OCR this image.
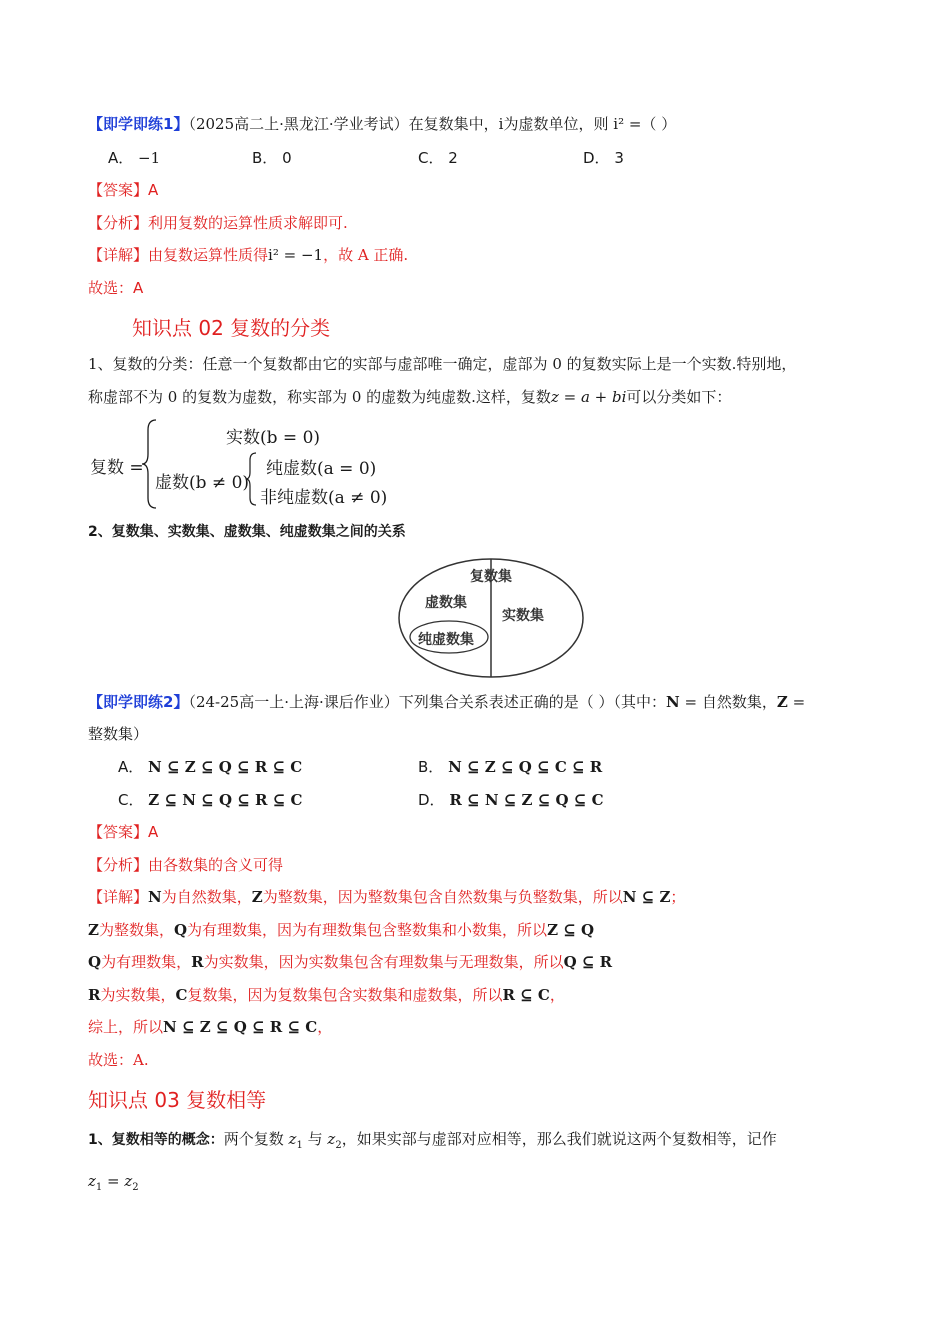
【即学即练1】（2025高二上·黑龙江·学业考试）在复数集中，i为虚数单位，则 i² =（ ）
A． −1	B． 0	C． 2	D． 3
【答案】A
【分析】利用复数的运算性质求解即可.
【详解】由复数运算性质得i² = −1，故 A 正确.
故选：A
知识点 02 复数的分类
1、复数的分类：任意一个复数都由它的实部与虚部唯一确定，虚部为 0 的复数实际上是一个实数.特别地，
称虚部不为 0 的复数为虚数，称实部为 0 的虚数为纯虚数.这样，复数z = a + bi可以分类如下：
复数 =
实数(b = 0)
虚数(b ≠ 0)
纯虚数(a = 0)
非纯虚数(a ≠ 0)
2、复数集、实数集、虚数集、纯虚数集之间的关系
复数集
虚数集
实数集
纯虚数集
【即学即练2】（24-25高一上·上海·课后作业）下列集合关系表述正确的是（ ）（其中：N = 自然数集，Z =
整数集）
A． N ⊆ Z ⊆ Q ⊆ R ⊆ C	B． N ⊆ Z ⊆ Q ⊆ C ⊆ R
C． Z ⊆ N ⊆ Q ⊆ R ⊆ C	D． R ⊆ N ⊆ Z ⊆ Q ⊆ C
【答案】A
【分析】由各数集的含义可得
【详解】N为自然数集，Z为整数集，因为整数集包含自然数集与负整数集，所以N ⊆ Z；
Z为整数集，Q为有理数集，因为有理数集包含整数集和小数集，所以Z ⊆ Q
Q为有理数集，R为实数集，因为实数集包含有理数集与无理数集，所以Q ⊆ R
R为实数集，C复数集，因为复数集包含实数集和虚数集，所以R ⊆ C，
综上，所以N ⊆ Z ⊆ Q ⊆ R ⊆ C，
故选：A.
知识点 03 复数相等
1、复数相等的概念：两个复数 $z_1$ 与 $z_2$，如果实部与虚部对应相等，那么我们就说这两个复数相等，记作
$z_1 = z_2$
